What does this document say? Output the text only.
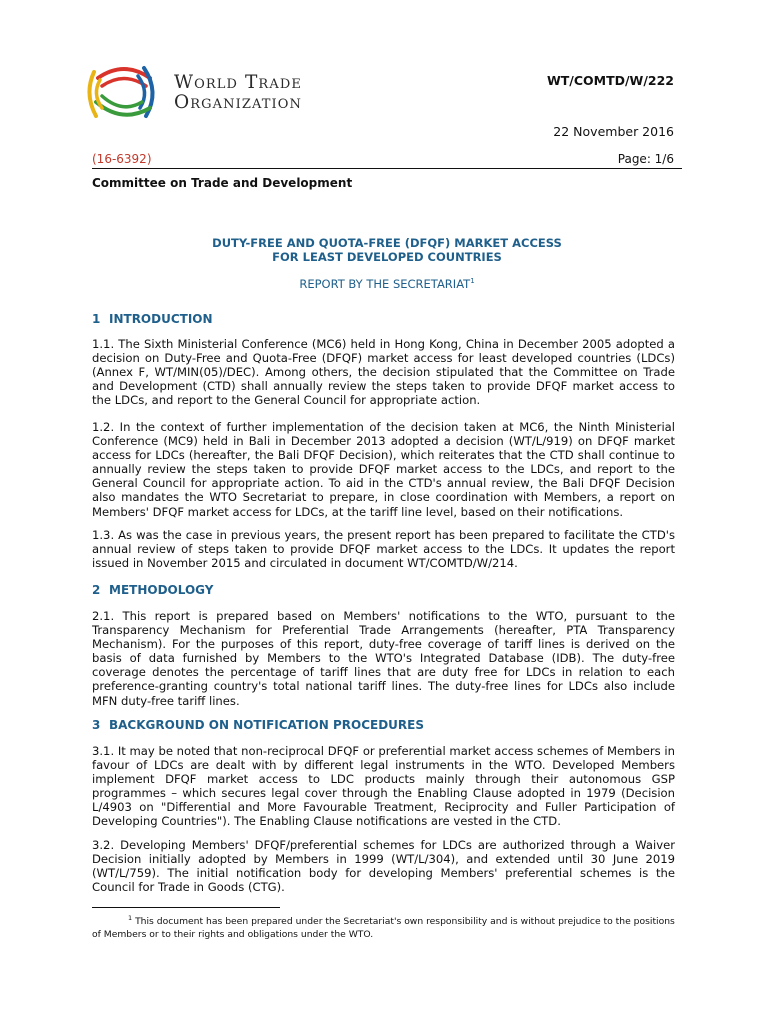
World Trade
Organization
WT/COMTD/W/222
22 November 2016
(16-6392)	Page: 1/6
Committee on Trade and Development
DUTY-FREE AND QUOTA-FREE (DFQF) MARKET ACCESS
FOR LEAST DEVELOPED COUNTRIES
REPORT BY THE SECRETARIAT$^1$
1 INTRODUCTION

1.1. The Sixth Ministerial Conference (MC6) held in Hong Kong, China in December 2005 adopted a decision on Duty-Free and Quota-Free (DFQF) market access for least developed countries (LDCs) (Annex F, WT/MIN(05)/DEC). Among others, the decision stipulated that the Committee on Trade and Development (CTD) shall annually review the steps taken to provide DFQF market access to the LDCs, and report to the General Council for appropriate action.

1.2. In the context of further implementation of the decision taken at MC6, the Ninth Ministerial Conference (MC9) held in Bali in December 2013 adopted a decision (WT/L/919) on DFQF market access for LDCs (hereafter, the Bali DFQF Decision), which reiterates that the CTD shall continue to annually review the steps taken to provide DFQF market access to the LDCs, and report to the General Council for appropriate action. To aid in the CTD's annual review, the Bali DFQF Decision also mandates the WTO Secretariat to prepare, in close coordination with Members, a report on Members' DFQF market access for LDCs, at the tariff line level, based on their notifications.

1.3. As was the case in previous years, the present report has been prepared to facilitate the CTD's annual review of steps taken to provide DFQF market access to the LDCs. It updates the report issued in November 2015 and circulated in document WT/COMTD/W/214.

2 METHODOLOGY

2.1. This report is prepared based on Members' notifications to the WTO, pursuant to the Transparency Mechanism for Preferential Trade Arrangements (hereafter, PTA Transparency Mechanism). For the purposes of this report, duty-free coverage of tariff lines is derived on the basis of data furnished by Members to the WTO's Integrated Database (IDB). The duty-free coverage denotes the percentage of tariff lines that are duty free for LDCs in relation to each preference-granting country's total national tariff lines. The duty-free lines for LDCs also include MFN duty-free tariff lines.

3 BACKGROUND ON NOTIFICATION PROCEDURES

3.1. It may be noted that non-reciprocal DFQF or preferential market access schemes of Members in favour of LDCs are dealt with by different legal instruments in the WTO. Developed Members implement DFQF market access to LDC products mainly through their autonomous GSP programmes – which secures legal cover through the Enabling Clause adopted in 1979 (Decision L/4903 on "Differential and More Favourable Treatment, Reciprocity and Fuller Participation of Developing Countries"). The Enabling Clause notifications are vested in the CTD.

3.2. Developing Members' DFQF/preferential schemes for LDCs are authorized through a Waiver Decision initially adopted by Members in 1999 (WT/L/304), and extended until 30 June 2019 (WT/L/759). The initial notification body for developing Members' preferential schemes is the Council for Trade in Goods (CTG).

$^1$ This document has been prepared under the Secretariat's own responsibility and is without prejudice to the positions of Members or to their rights and obligations under the WTO.
